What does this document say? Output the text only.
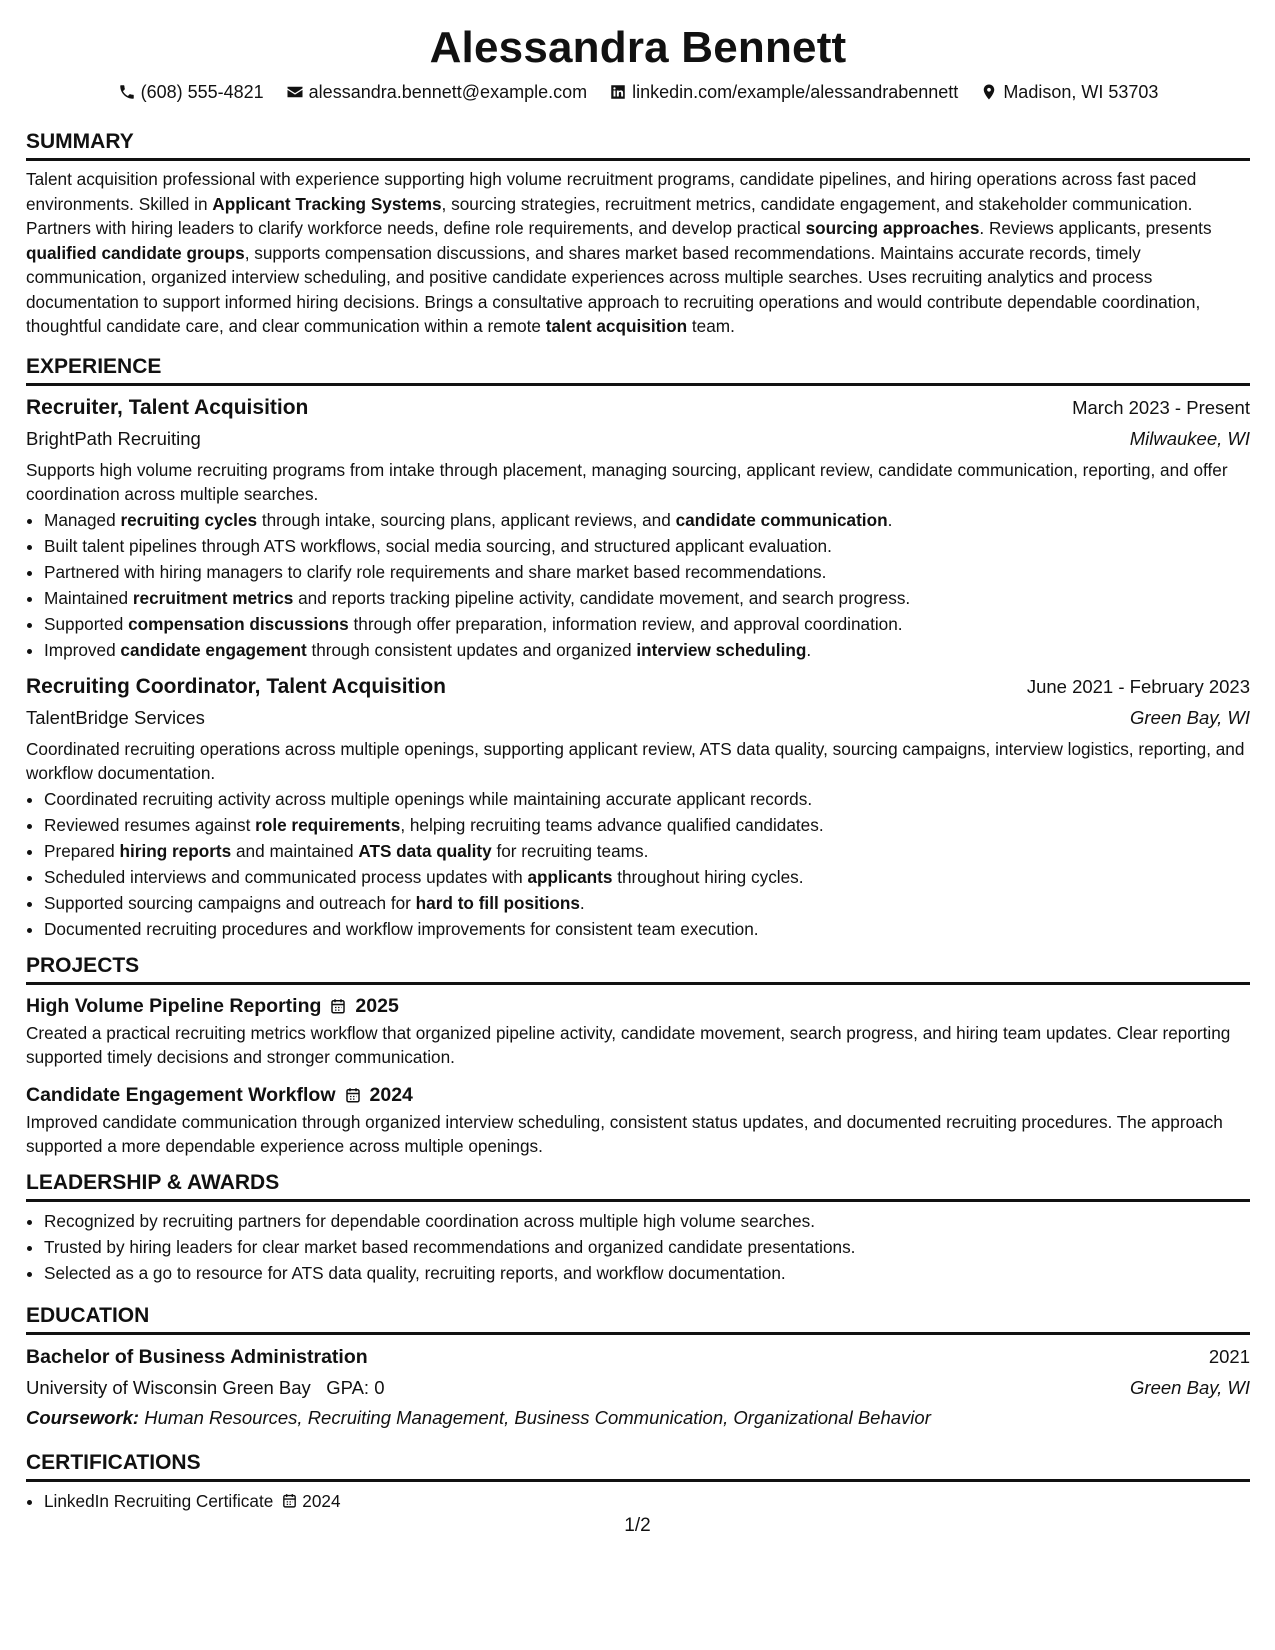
Alessandra Bennett
(608) 555-4821	alessandra.bennett@example.com	linkedin.com/example/alessandrabennett	Madison, WI 53703
SUMMARY

Talent acquisition professional with experience supporting high volume recruitment programs, candidate pipelines, and hiring operations across fast paced environments. Skilled in Applicant Tracking Systems, sourcing strategies, recruitment metrics, candidate engagement, and stakeholder communication. Partners with hiring leaders to clarify workforce needs, define role requirements, and develop practical sourcing approaches. Reviews applicants, presents qualified candidate groups, supports compensation discussions, and shares market based recommendations. Maintains accurate records, timely communication, organized interview scheduling, and positive candidate experiences across multiple searches. Uses recruiting analytics and process documentation to support informed hiring decisions. Brings a consultative approach to recruiting operations and would contribute dependable coordination, thoughtful candidate care, and clear communication within a remote talent acquisition team.

EXPERIENCE
Recruiter, Talent Acquisition	March 2023 - Present
BrightPath Recruiting	Milwaukee, WI
Supports high volume recruiting programs from intake through placement, managing sourcing, applicant review, candidate communication, reporting, and offer coordination across multiple searches.
• Managed recruiting cycles through intake, sourcing plans, applicant reviews, and candidate communication.
• Built talent pipelines through ATS workflows, social media sourcing, and structured applicant evaluation.
• Partnered with hiring managers to clarify role requirements and share market based recommendations.
• Maintained recruitment metrics and reports tracking pipeline activity, candidate movement, and search progress.
• Supported compensation discussions through offer preparation, information review, and approval coordination.
• Improved candidate engagement through consistent updates and organized interview scheduling.
Recruiting Coordinator, Talent Acquisition	June 2021 - February 2023
TalentBridge Services	Green Bay, WI
Coordinated recruiting operations across multiple openings, supporting applicant review, ATS data quality, sourcing campaigns, interview logistics, reporting, and workflow documentation.
• Coordinated recruiting activity across multiple openings while maintaining accurate applicant records.
• Reviewed resumes against role requirements, helping recruiting teams advance qualified candidates.
• Prepared hiring reports and maintained ATS data quality for recruiting teams.
• Scheduled interviews and communicated process updates with applicants throughout hiring cycles.
• Supported sourcing campaigns and outreach for hard to fill positions.
• Documented recruiting procedures and workflow improvements for consistent team execution.
PROJECTS
High Volume Pipeline Reporting 2025

Created a practical recruiting metrics workflow that organized pipeline activity, candidate movement, search progress, and hiring team updates. Clear reporting supported timely decisions and stronger communication.

Candidate Engagement Workflow 2024

Improved candidate communication through organized interview scheduling, consistent status updates, and documented recruiting procedures. The approach supported a more dependable experience across multiple openings.

LEADERSHIP & AWARDS
• Recognized by recruiting partners for dependable coordination across multiple high volume searches.
• Trusted by hiring leaders for clear market based recommendations and organized candidate presentations.
• Selected as a go to resource for ATS data quality, recruiting reports, and workflow documentation.
EDUCATION
Bachelor of Business Administration	2021
University of Wisconsin Green Bay GPA: 0	Green Bay, WI
Coursework: Human Resources, Recruiting Management, Business Communication, Organizational Behavior
CERTIFICATIONS
• LinkedIn Recruiting Certificate 2024
1/2
